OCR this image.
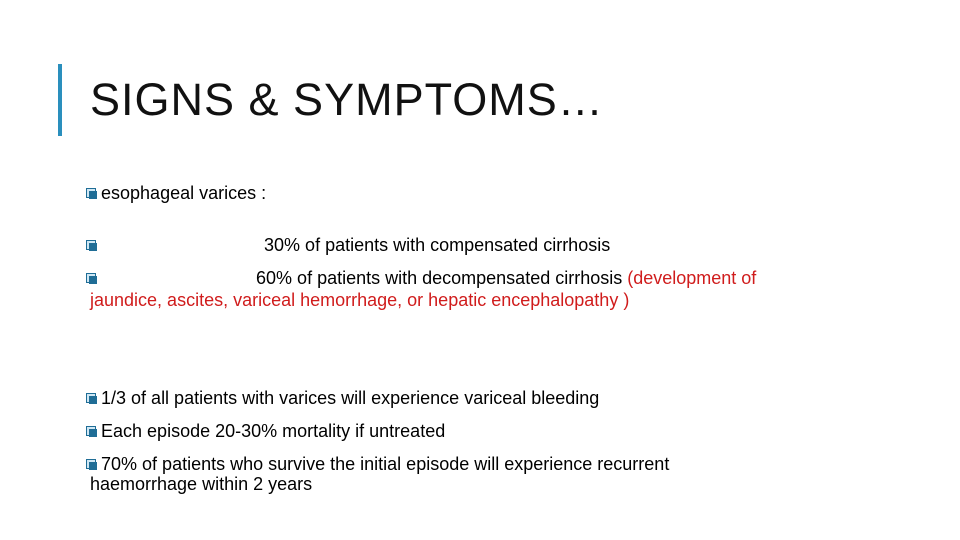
SIGNS & SYMPTOMS…
esophageal varices :
30% of patients with compensated cirrhosis
60% of patients with decompensated cirrhosis (development of
jaundice, ascites, variceal hemorrhage, or hepatic encephalopathy )
1/3 of all patients with varices will experience variceal bleeding
Each episode 20-30% mortality if untreated
70% of patients who survive the initial episode will experience recurrent
haemorrhage within 2 years
